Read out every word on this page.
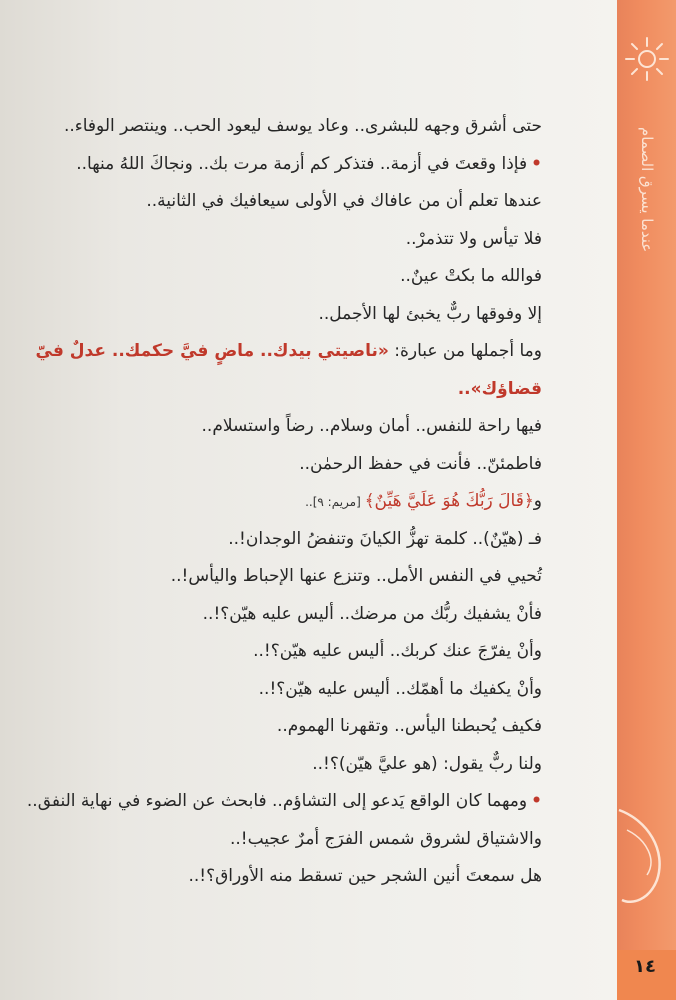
حتى أشرق وجهه للبشرى.. وعاد يوسف ليعود الحب.. وينتصر الوفاء..
•فإذا وقعتَ في أزمة.. فتذكر كم أزمة مرت بك.. ونجاكَ اللهُ منها..
عندها تعلم أن من عافاك في الأولى سيعافيك في الثانية..
فلا تيأس ولا تتذمرْ..
فوالله ما بكتْ عينٌ..
إلا وفوقها ربٌّ يخبئ لها الأجمل..
وما أجملها من عبارة: «ناصيتي بيدك.. ماضٍ فيَّ حكمك.. عدلٌ فيّ
قضاؤك»..
فيها راحة للنفس.. أمان وسلام.. رضاً واستسلام..
فاطمئنّ.. فأنت في حفظ الرحمٰن..
و﴿قَالَ رَبُّكَ هُوَ عَلَيَّ هَيِّنٌ﴾ [مريم: ٩]..
فـ (هيّنٌ).. كلمة تهزُّ الكيانَ وتنفضُ الوجدان!..
تُحيي في النفس الأمل.. وتنزع عنها الإحباط واليأس!..
فأنْ يشفيك ربُّك من مرضك.. أليس عليه هيّن؟!..
وأنْ يفرّجَ عنك كربك.. أليس عليه هيّن؟!..
وأنْ يكفيك ما أهمّك.. أليس عليه هيّن؟!..
فكيف يُحبطنا اليأس.. وتقهرنا الهموم..
ولنا ربٌّ يقول: (هو عليَّ هيّن)؟!..
•ومهما كان الواقع يَدعو إلى التشاؤم.. فابحث عن الضوء في نهاية النفق..
والاشتياق لشروق شمس الفرَج أمرٌ عجيب!..
هل سمعتَ أنين الشجر حين تسقط منه الأوراق؟!..
عندما يسرق الصمام
١٤
